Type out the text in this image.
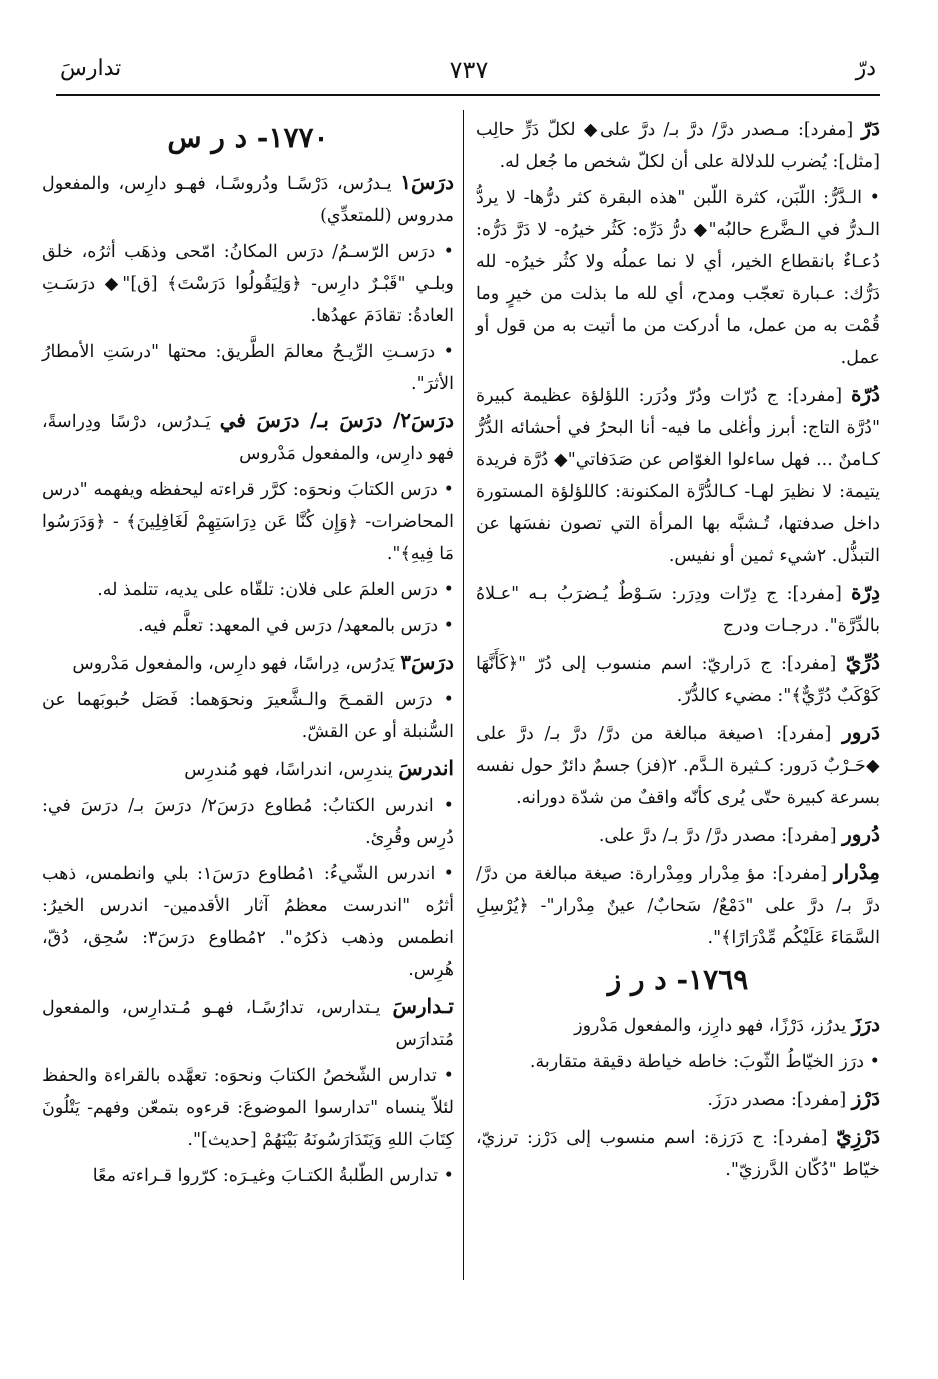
تدارسَ	٧٣٧	درّ

دَرّ [مفرد]: مـصدر درَّ/ درَّ بـ/ درَّ على◆ لكلّ دَرٍّ حالِب [مثل]: يُضرب للدلالة على أن لكلّ شخص ما جُعل له.

• الـدَّرُّ: اللّبَن، كثرة اللّبن "هذه البقرة كثر درُّها- لا يردُّ الـدرُّ في الـضَّرع حالبُه"◆ درُّ دَرِّه: كَثُر خيرُه- لا دَرَّ دَرُّه: دُعـاءٌ بانقطاع الخير، أي لا نما عملُه ولا كثُر خيرُه- لله دَرُّك: عـبارة تعجّب ومدح، أي لله ما بذلت من خيرٍ وما قُمْت به من عمل، ما أدركت من ما أتيت به من قول أو عمل.

دُرّة [مفرد]: ج دُرّات ودُرّ ودُرَر: اللؤلؤة عظيمة كبيرة "دُرَّة التاج: أبرز وأغلى ما فيه- أنا البحرُ في أحشائه الدُّرُّ كـامنٌ ... فهل ساءلوا الغوّاص عن صَدَفاتي"◆ دُرَّة فريدة يتيمة: لا نظيرَ لهـا- كـالدُّرَّة المكنونة: كاللؤلؤة المستورة داخل صدفتها، تُـشبَّه بها المرأة التي تصون نفسَها عن التبذُّل. ٢شيء ثمين أو نفيس.

دِرّة [مفرد]: ج دِرّات ودِرَر: سَـوْطٌ يُـضرَبُ بـه "عـلاهُ بالدِّرَّة". درجـات ودرج

دُرِّيّ [مفرد]: ج دَراريّ: اسم منسوب إلى دُرّ "﴿كَأَنَّهَا كَوْكَبٌ دُرِّيٌّ﴾": مضيء كالدُّرّ.

دَرور [مفرد]: ١صيغة مبالغة من درَّ/ درَّ بـ/ درَّ على ◆حَـرْبٌ دَرور: كـثيرة الـدَّم. ٢(فز) جسمٌ دائرٌ حول نفسه بسرعة كبيرة حتّى يُرى كأنّه واقفٌ من شدّة دورانه.

دُرور [مفرد]: مصدر درَّ/ درَّ بـ/ درَّ على.

مِدْرار [مفرد]: مؤ مِدْرار ومِدْرارة: صيغة مبالغة من درَّ/ درَّ بـ/ درَّ على "دَمْعٌ/ سَحابٌ/ عينٌ مِدْرار"- ﴿يُرْسِلِ السَّمَاءَ عَلَيْكُم مِّدْرَارًا﴾".

١٧٦٩- د ر ز

درَزَ يدرُز، دَرْزًا، فهو دارِز، والمفعول مَدْروز

• درَز الخيّاطُ الثّوبَ: خاطه خياطة دقيقة متقاربة.

دَرْز [مفرد]: مصدر درَزَ.

دَرْزِيّ [مفرد]: ج دَرَزة: اسم منسوب إلى دَرْز: ترزيّ، خيّاط "دُكّان الدَّرزيّ".

١٧٧٠- د ر س

درَسَ١ يـدرُس، دَرْسًـا ودُروسًـا، فهـو دارِس، والمفعول مدروس (للمتعدِّي)

• درَس الرّسـمُ/ درَس المكانُ: امّحى وذهَب أثرُه، خلق وبلـي "قَبْـرٌ دارِس- ﴿وَلِيَقُولُوا دَرَسْتَ﴾ [ق]"◆ درَسَـتِ العادةُ: تقادَمَ عهدُها.

• درَسـتِ الرِّيـحُ معالمَ الطَّريق: محتها "درسَتِ الأمطارُ الأثرَ".

درَسَ٢/ درَسَ بـ/ درَسَ في يَـدرُس، درْسًا ودِراسةً، فهو دارِس، والمفعول مَدْروس

• درَس الكتابَ ونحوَه: كرَّر قراءته ليحفظه ويفهمه "درس المحاضرات- ﴿وَإِن كُنَّا عَن دِرَاسَتِهِمْ لَغَافِلِينَ﴾ - ﴿وَدَرَسُوا مَا فِيهِ﴾".

• درَس العلمَ على فلان: تلقّاه على يديه، تتلمذ له.

• درَس بالمعهد/ درَس في المعهد: تعلَّم فيه.

درَسَ٣ يَدرُس، دِراسًا، فهو دارِس، والمفعول مَدْروس

• درَس القمـحَ والـشَّعيرَ ونحوَهما: فَصَل حُبوبَهما عن السُّنبلة أو عن القشّ.

اندرسَ يندرِس، اندراسًا، فهو مُندرِس

• اندرس الكتابُ: مُطاوع درَسَ٢/ درَسَ بـ/ درَسَ في: دُرِس وقُرِئ.

• اندرس الشّيءُ: ١مُطاوع درَسَ١: بلي وانطمس، ذهب أثرُه "اندرست معظمُ آثار الأقدمين- اندرس الخيرُ: انطمس وذهب ذكرُه". ٢مُطاوع درَسَ٣: سُحِق، دُقّ، هُرِس.

تـدارسَ يـتدارس، تدارُسًـا، فهـو مُـتدارِس، والمفعول مُتدارَس

• تدارس الشّخصُ الكتابَ ونحوَه: تعهَّده بالقراءة والحفظ لئلاّ ينساه "تدارسوا الموضوعَ: قرءوه بتمعّن وفهم- يَتْلُونَ كِتَابَ اللهِ وَيَتَدَارَسُونَهُ بَيْنَهُمْ [حديث]".

• تدارس الطّلبةُ الكتـابَ وغيـرَه: كرّروا قـراءته معًا
